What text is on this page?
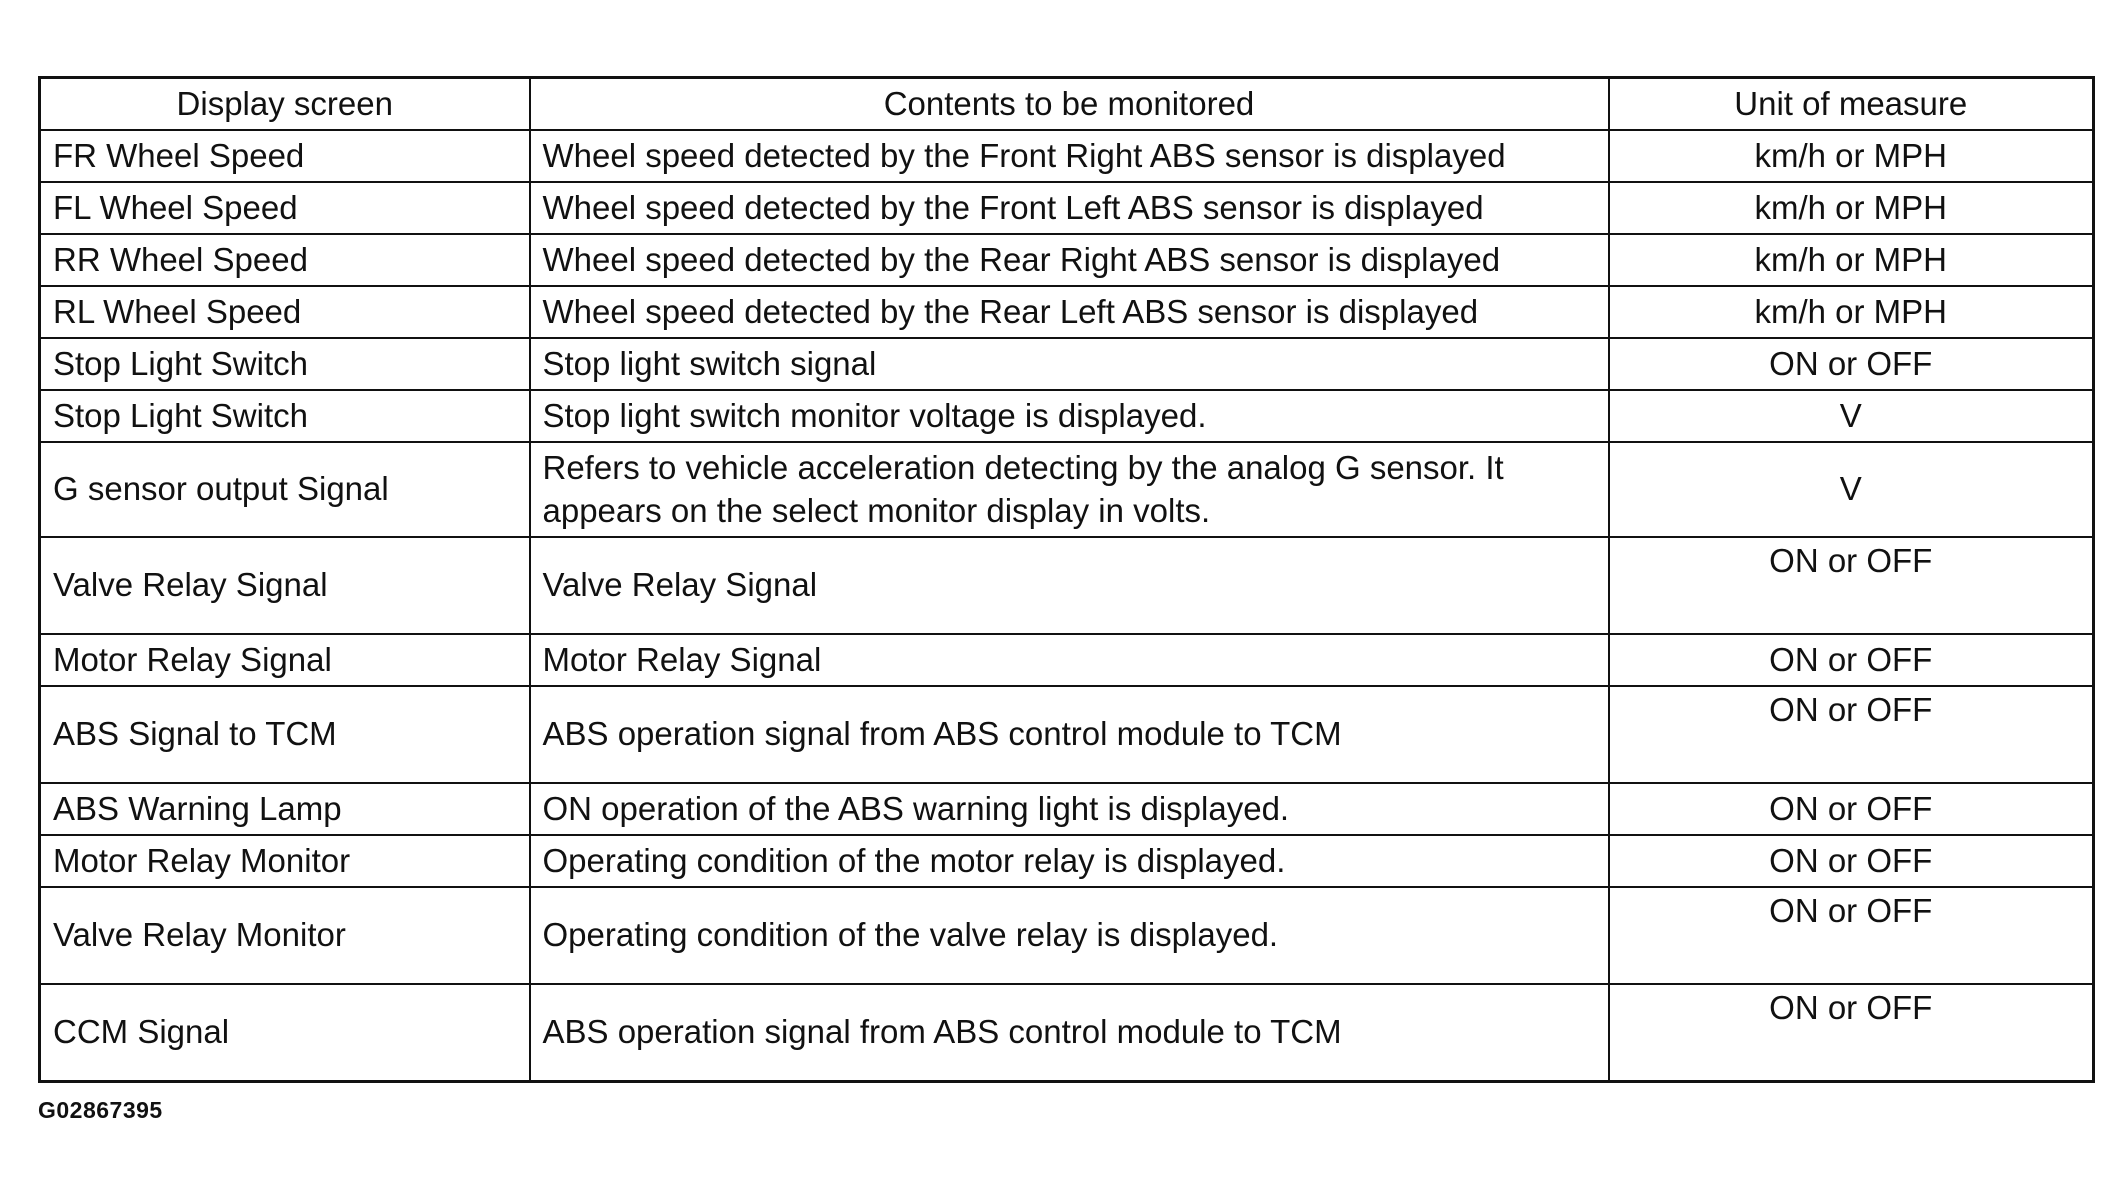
Display screen	Contents to be monitored	Unit of measure
FR Wheel Speed	Wheel speed detected by the Front Right ABS sensor is displayed	km/h or MPH
FL Wheel Speed	Wheel speed detected by the Front Left ABS sensor is displayed	km/h or MPH
RR Wheel Speed	Wheel speed detected by the Rear Right ABS sensor is displayed	km/h or MPH
RL Wheel Speed	Wheel speed detected by the Rear Left ABS sensor is displayed	km/h or MPH
Stop Light Switch	Stop light switch signal	ON or OFF
Stop Light Switch	Stop light switch monitor voltage is displayed.	V
G sensor output Signal	Refers to vehicle acceleration detecting by the analog G sensor. It appears on the select monitor display in volts.	V
Valve Relay Signal	Valve Relay Signal	ON or OFF
Motor Relay Signal	Motor Relay Signal	ON or OFF
ABS Signal to TCM	ABS operation signal from ABS control module to TCM	ON or OFF
ABS Warning Lamp	ON operation of the ABS warning light is displayed.	ON or OFF
Motor Relay Monitor	Operating condition of the motor relay is displayed.	ON or OFF
Valve Relay Monitor	Operating condition of the valve relay is displayed.	ON or OFF
CCM Signal	ABS operation signal from ABS control module to TCM	ON or OFF
G02867395
